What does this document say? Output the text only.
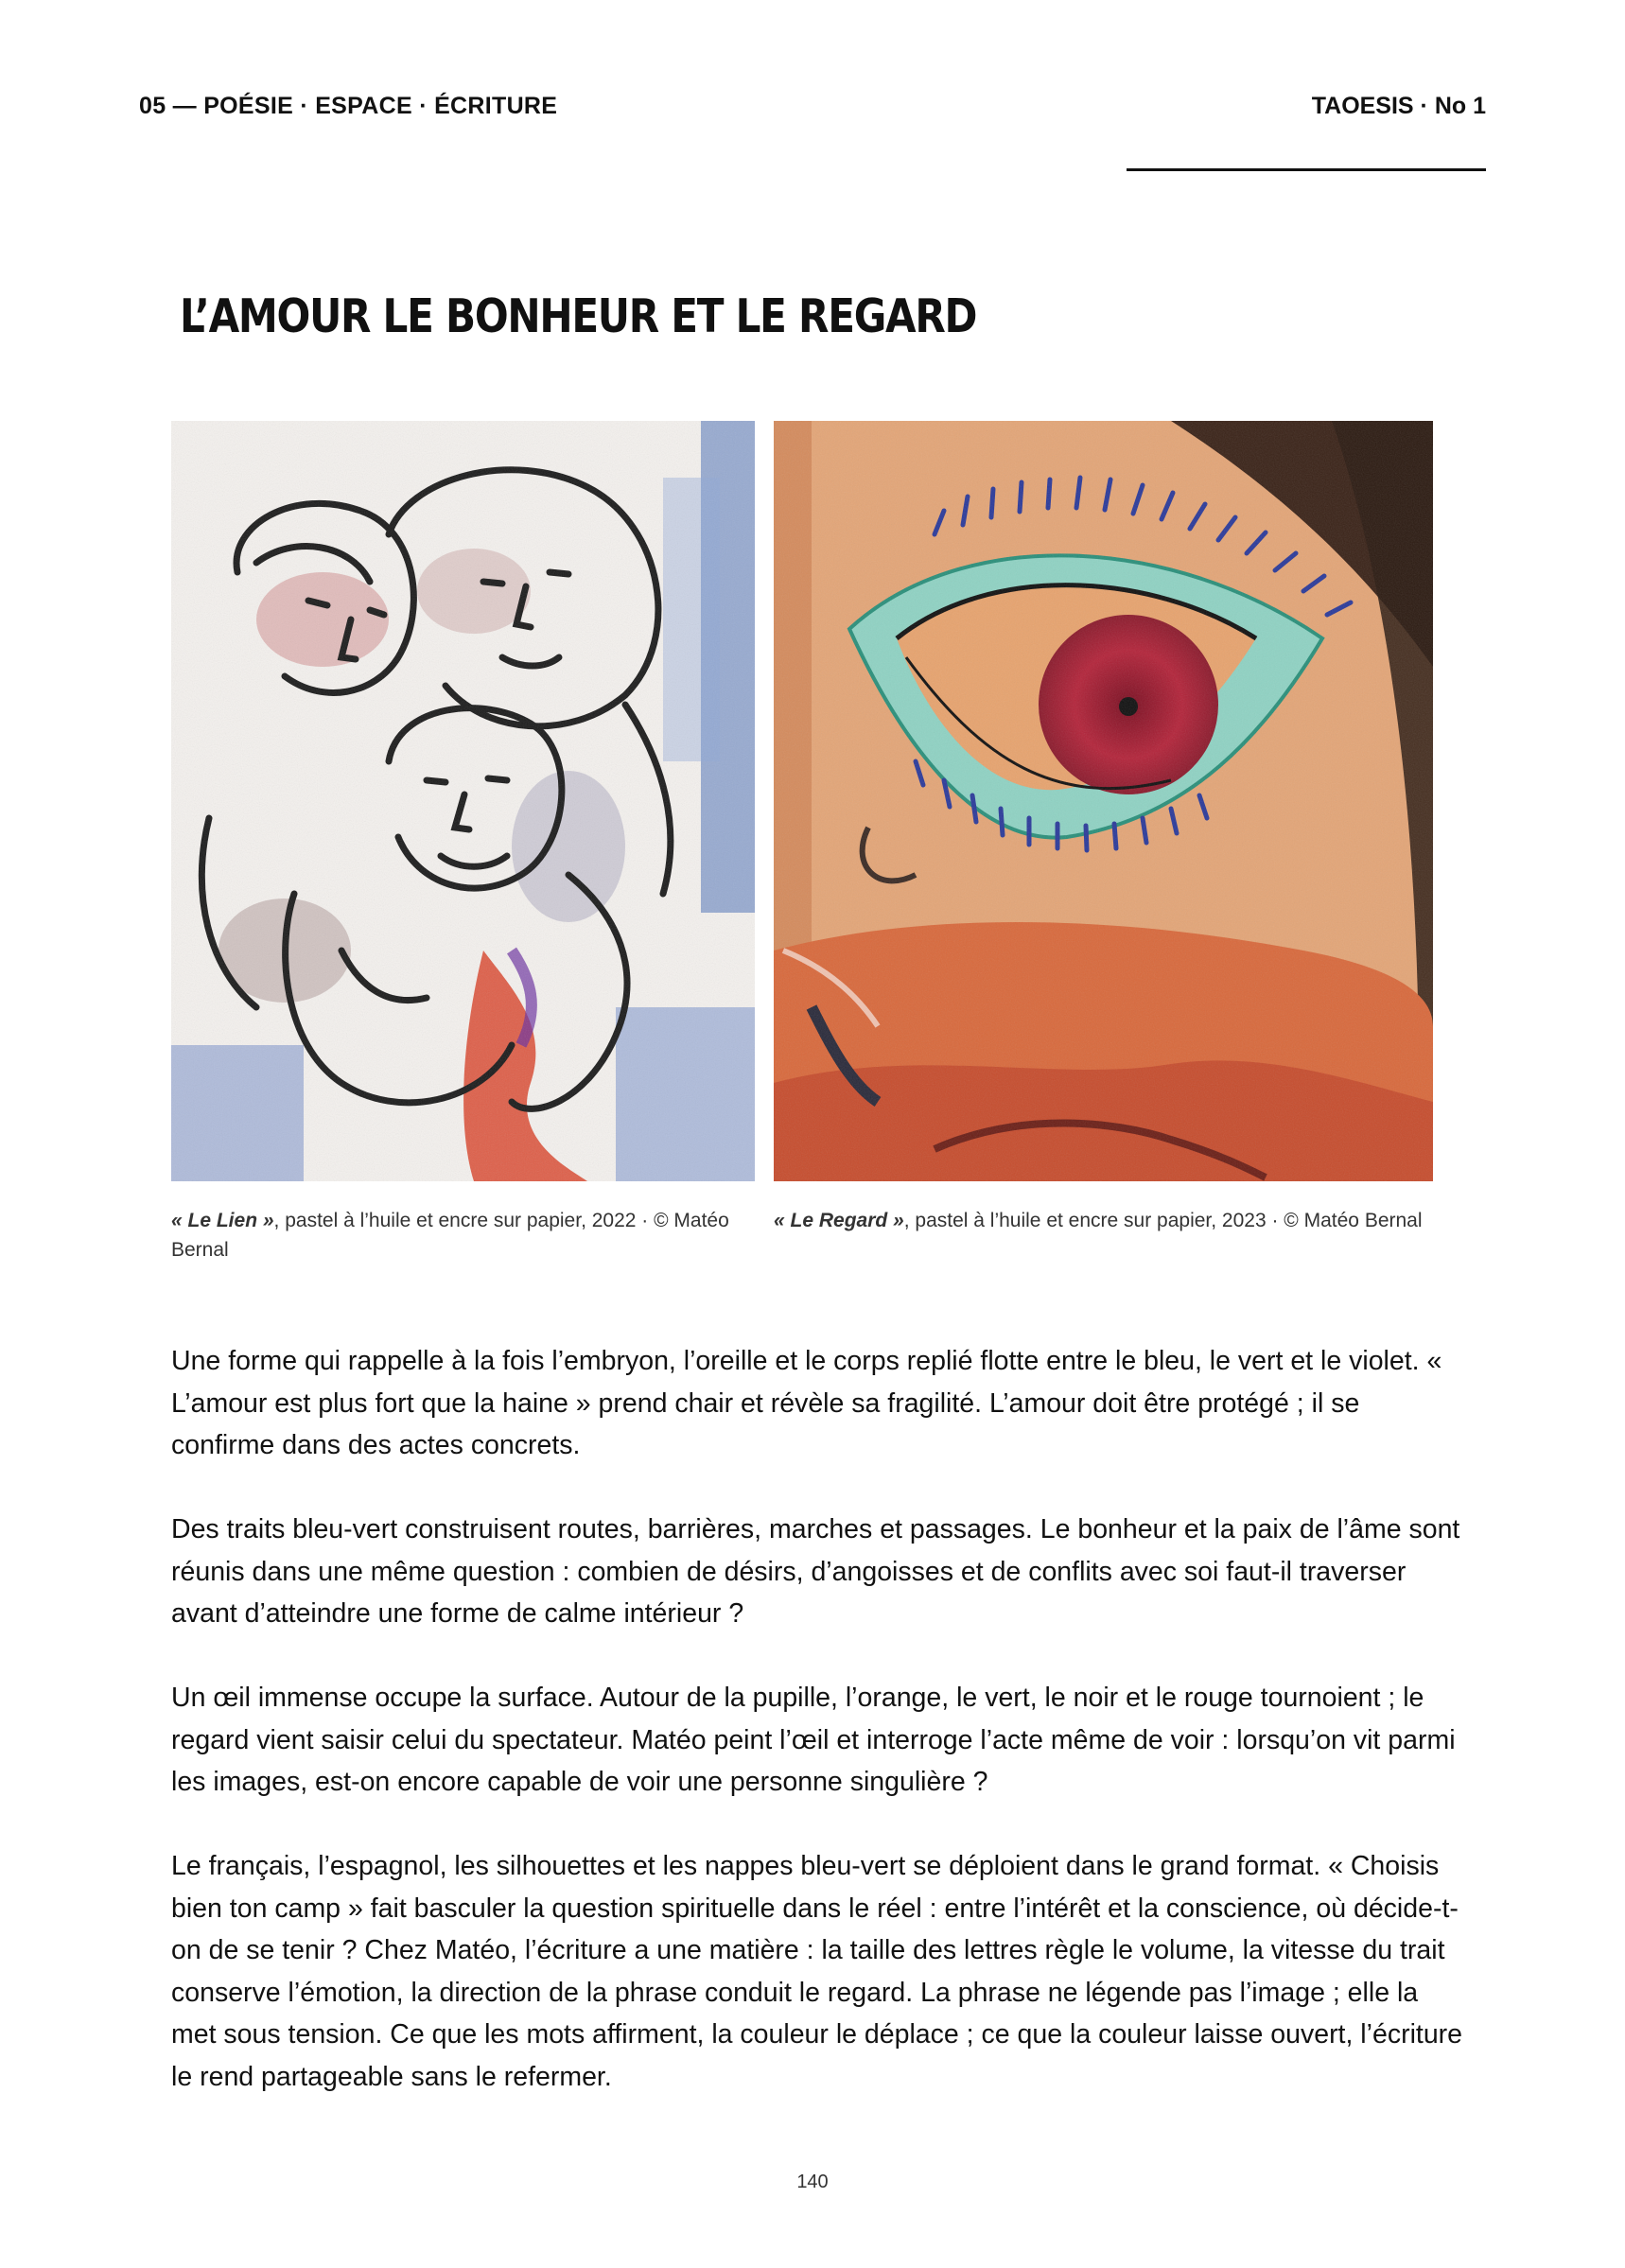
05 — POÉSIE · ESPACE · ÉCRITURE	TAOESIS · No 1
L’AMOUR LE BONHEUR ET LE REGARD
« Le Lien », pastel à l’huile et encre sur papier, 2022 · © Matéo Bernal
« Le Regard », pastel à l’huile et encre sur papier, 2023 · © Matéo Bernal

Une forme qui rappelle à la fois l’embryon, l’oreille et le corps replié flotte entre le bleu, le vert et le violet. « L’amour est plus fort que la haine » prend chair et révèle sa fragilité. L’amour doit être protégé ; il se confirme dans des actes concrets.

Des traits bleu-vert construisent routes, barrières, marches et passages. Le bonheur et la paix de l’âme sont réunis dans une même question : combien de désirs, d’angoisses et de conflits avec soi faut-il traverser avant d’atteindre une forme de calme intérieur ?

Un œil immense occupe la surface. Autour de la pupille, l’orange, le vert, le noir et le rouge tournoient ; le regard vient saisir celui du spectateur. Matéo peint l’œil et interroge l’acte même de voir : lorsqu’on vit parmi les images, est-on encore capable de voir une personne singulière ?

Le français, l’espagnol, les silhouettes et les nappes bleu-vert se déploient dans le grand format. « Choisis bien ton camp » fait basculer la question spirituelle dans le réel : entre l’intérêt et la conscience, où décide-t-on de se tenir ? Chez Matéo, l’écriture a une matière : la taille des lettres règle le volume, la vitesse du trait conserve l’émotion, la direction de la phrase conduit le regard. La phrase ne légende pas l’image ; elle la met sous tension. Ce que les mots affirment, la couleur le déplace ; ce que la couleur laisse ouvert, l’écriture le rend partageable sans le refermer.

140
